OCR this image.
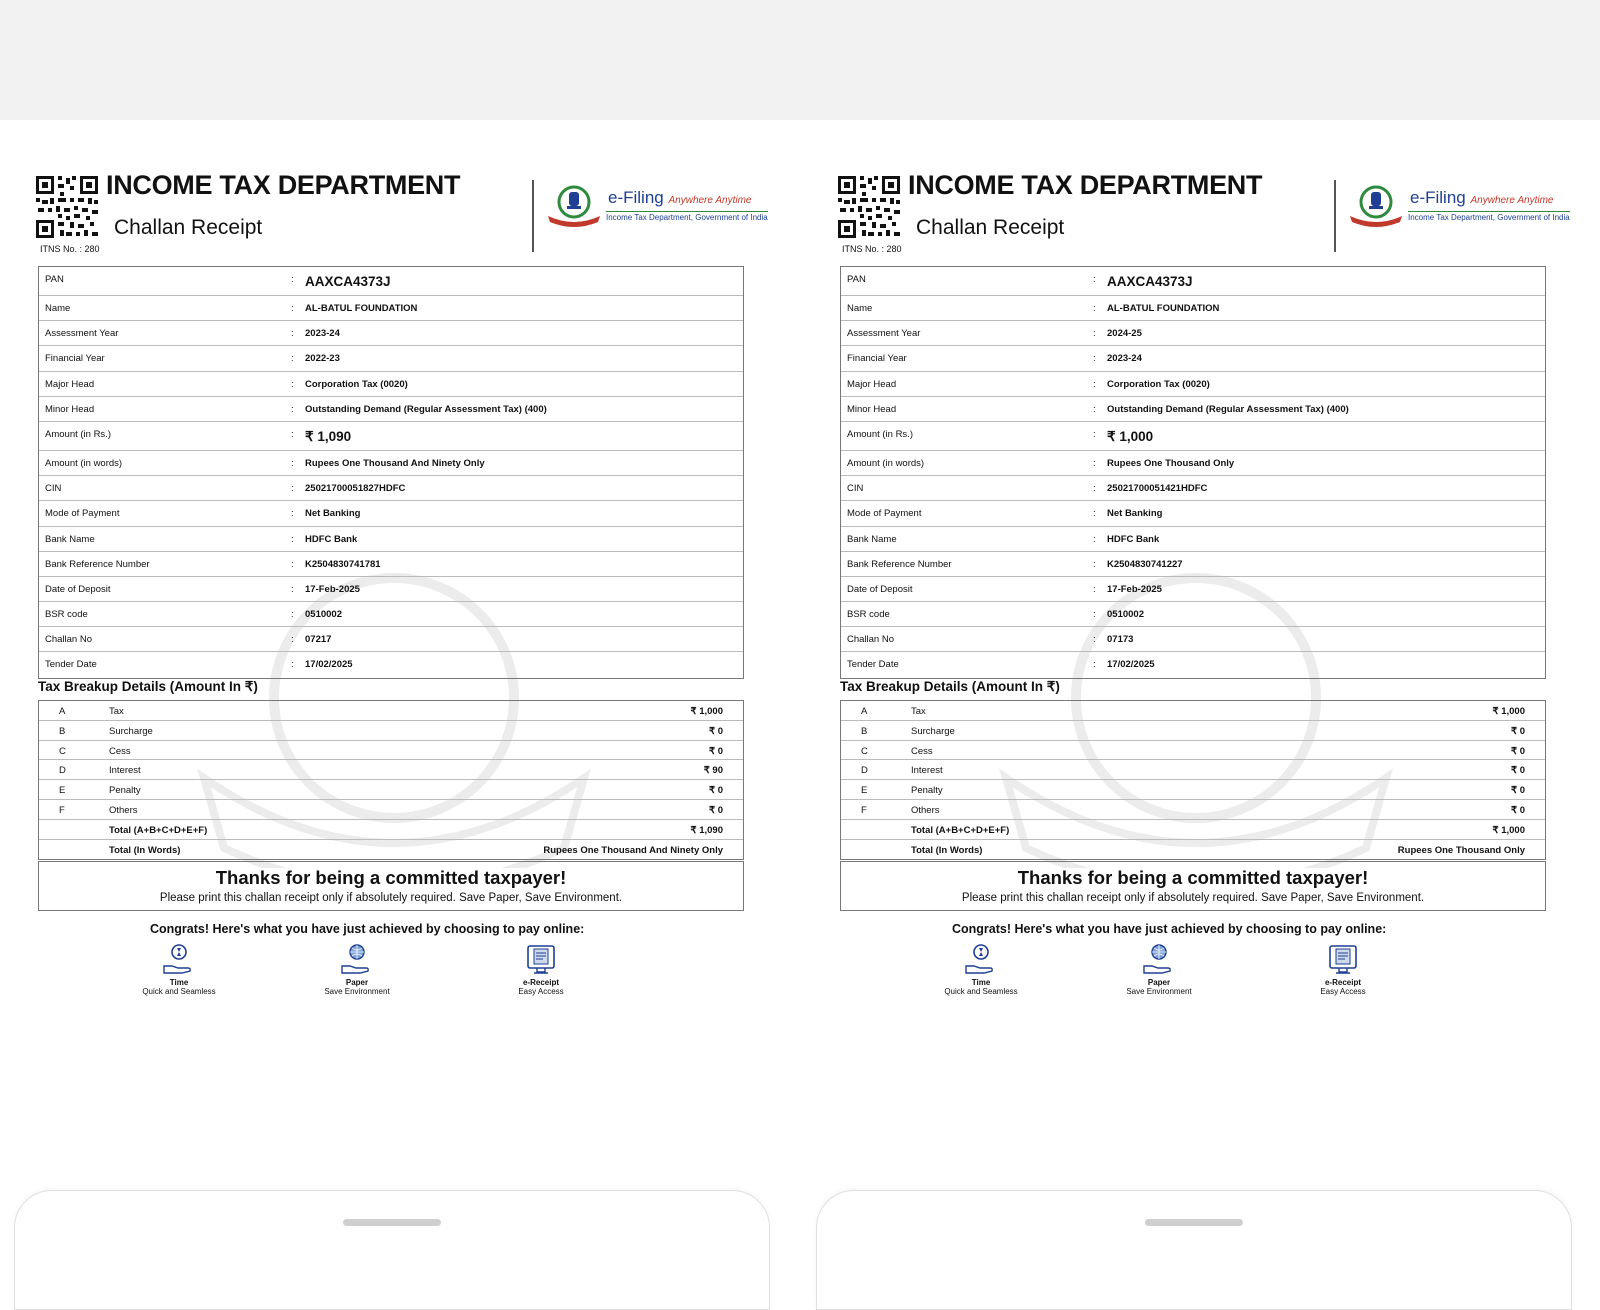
INCOME TAX DEPARTMENT
Challan Receipt
ITNS No. : 280
e-Filing Anywhere Anytime
Income Tax Department, Government of India
PAN	: AAXCA4373J
Name	: AL-BATUL FOUNDATION
Assessment Year	: 2023-24
Financial Year	: 2022-23
Major Head	: Corporation Tax (0020)
Minor Head	: Outstanding Demand (Regular Assessment Tax) (400)
Amount (in Rs.)	: ₹ 1,090
Amount (in words)	: Rupees One Thousand And Ninety Only
CIN	: 25021700051827HDFC
Mode of Payment	: Net Banking
Bank Name	: HDFC Bank
Bank Reference Number	: K2504830741781
Date of Deposit	: 17-Feb-2025
BSR code	: 0510002
Challan No	: 07217
Tender Date	: 17/02/2025
Tax Breakup Details (Amount In ₹)
A	Tax	₹ 1,000
B	Surcharge	₹ 0
C	Cess	₹ 0
D	Interest	₹ 90
E	Penalty	₹ 0
F	Others	₹ 0
Total (A+B+C+D+E+F)	₹ 1,090
Total (In Words)	Rupees One Thousand And Ninety Only
Thanks for being a committed taxpayer!
Please print this challan receipt only if absolutely required. Save Paper, Save Environment.
Congrats! Here's what you have just achieved by choosing to pay online:
Time
Quick and Seamless
Paper
Save Environment
e-Receipt
Easy Access
INCOME TAX DEPARTMENT
Challan Receipt
ITNS No. : 280
e-Filing Anywhere Anytime
Income Tax Department, Government of India
PAN	: AAXCA4373J
Name	: AL-BATUL FOUNDATION
Assessment Year	: 2024-25
Financial Year	: 2023-24
Major Head	: Corporation Tax (0020)
Minor Head	: Outstanding Demand (Regular Assessment Tax) (400)
Amount (in Rs.)	: ₹ 1,000
Amount (in words)	: Rupees One Thousand Only
CIN	: 25021700051421HDFC
Mode of Payment	: Net Banking
Bank Name	: HDFC Bank
Bank Reference Number	: K2504830741227
Date of Deposit	: 17-Feb-2025
BSR code	: 0510002
Challan No	: 07173
Tender Date	: 17/02/2025
Tax Breakup Details (Amount In ₹)
A	Tax	₹ 1,000
B	Surcharge	₹ 0
C	Cess	₹ 0
D	Interest	₹ 0
E	Penalty	₹ 0
F	Others	₹ 0
Total (A+B+C+D+E+F)	₹ 1,000
Total (In Words)	Rupees One Thousand Only
Thanks for being a committed taxpayer!
Please print this challan receipt only if absolutely required. Save Paper, Save Environment.
Congrats! Here's what you have just achieved by choosing to pay online:
Time
Quick and Seamless
Paper
Save Environment
e-Receipt
Easy Access
